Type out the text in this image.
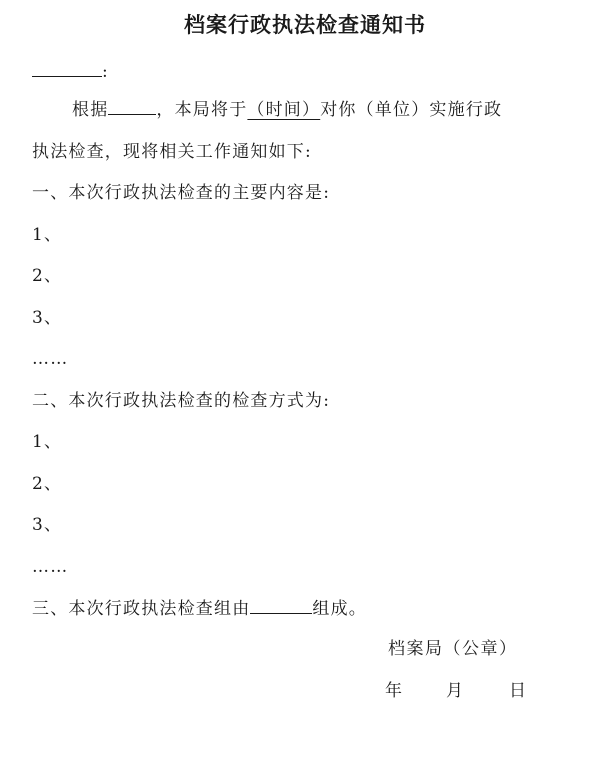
档案行政执法检查通知书
:
根据	，本局将于（时间）对你（单位）实施行政
执法检查，现将相关工作通知如下:
一、本次行政执法检查的主要内容是:
1、
2、
3、
……
二、本次行政执法检查的检查方式为:
1、
2、
3、
……
三、本次行政执法检查组由	组成。
档案局（公章）
年	月	日
